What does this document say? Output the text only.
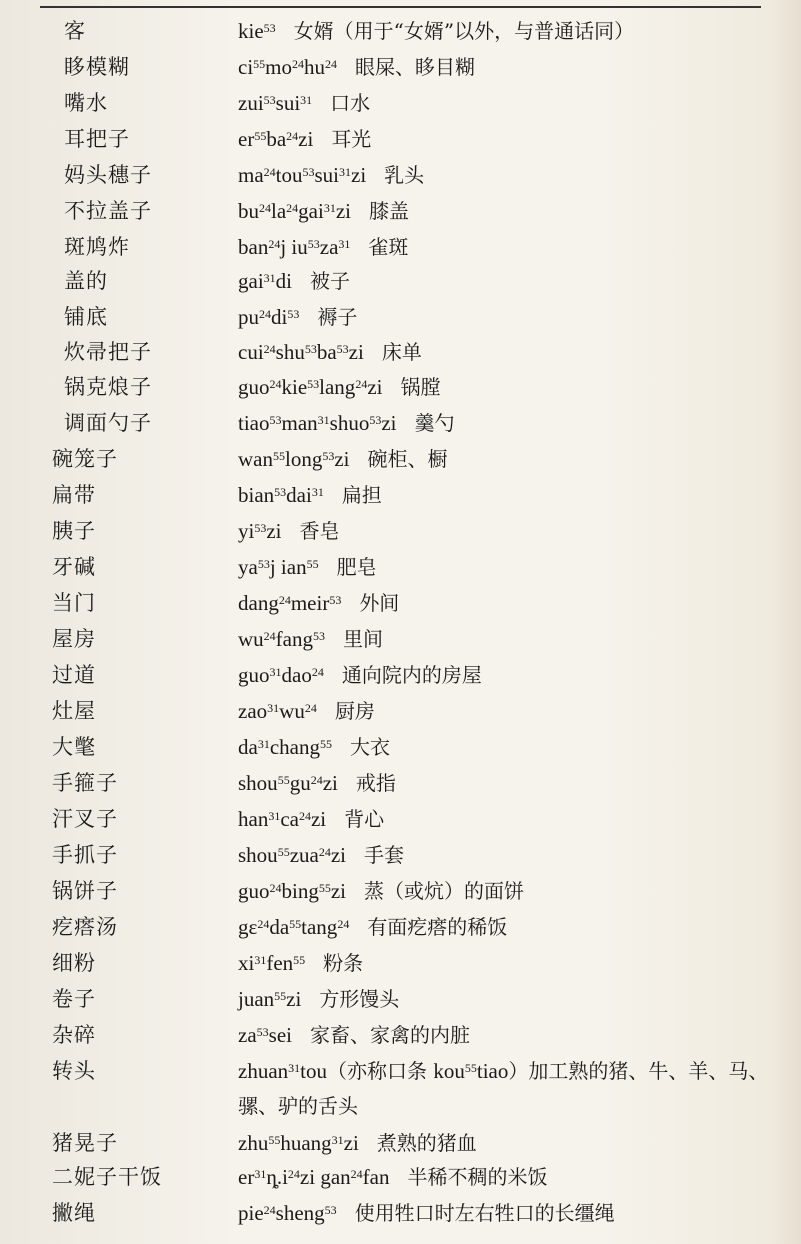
客	kie$^{53}$ 女婿（用于“女婿”以外，与普通话同）
眵模糊	$ci^{55}mo^{24}hu^{24}$ 眼屎、眵目糊
嘴水	zui$^{53}$sui$^{31}$ 口水
耳把子	$er^{55}ba^{24}zi$ 耳光
妈头穗子	$ma^{24}tou^{53}sui^{31}zi$ 乳头
不拉盖子	$bu^{24}la^{24}gai^{31}zi$ 膝盖
斑鸠炸	ban$^{24}$j $iu^{53}za^{31}$ 雀斑
盖的	gai$^{31}$di 被子
铺底	$pu^{24}di^{53}$ 褥子
炊帚把子	$cui^{24}shu^{53}ba^{53}zi$ 床单
锅克烺子	guo$^{24}$kie$^{53}$lang$^{24}$zi 锅膛
调面勺子	tiao$^{53}$man$^{31}$shuo$^{53}$zi 羹勺
碗笼子	wan$^{55}$long$^{53}$zi 碗柜、橱
扁带	bian$^{53}$dai$^{31}$ 扁担
胰子	$yi^{53}zi$ 香皂
牙碱	$ya^{53}j$ ian$^{55}$ 肥皂
当门	dang$^{24}$meir$^{53}$ 外间
屋房	$wu^{24}fang^{53}$ 里间
过道	guo$^{31}$dao$^{24}$ 通向院内的房屋
灶屋	$zao^{31}wu^{24}$ 厨房
大氅	$da^{31}chang^{55}$ 大衣
手箍子	$shou^{55}gu^{24}zi$ 戒指
汗叉子	$han^{31}ca^{24}zi$ 背心
手抓子	shou$^{55}$zua$^{24}$zi 手套
锅饼子	guo$^{24}$bing$^{55}$zi 蒸（或炕）的面饼
疙瘩汤	$gɛ^{24}da^{55}\tan g^{24}$ 有面疙瘩的稀饭
细粉	$xi^{31}fen^{55}$ 粉条
卷子	juan$^{55}$zi 方形馒头
杂碎	$za^{53}sei$ 家畜、家禽的内脏
转头	zhuan$^{31}$tou（亦称口条 kou$^{55}$tiao）加工熟的猪、牛、羊、马、骡、驴的舌头
猪晃子	zhu$^{55}$huang$^{31}$zi 煮熟的猪血
二妮子干饭	$er^{31}ȵ.i^{24}zi$ gan$^{24}$fan 半稀不稠的米饭
撇绳	pie$^{24}$sheng$^{53}$ 使用牲口时左右牲口的长缰绳
